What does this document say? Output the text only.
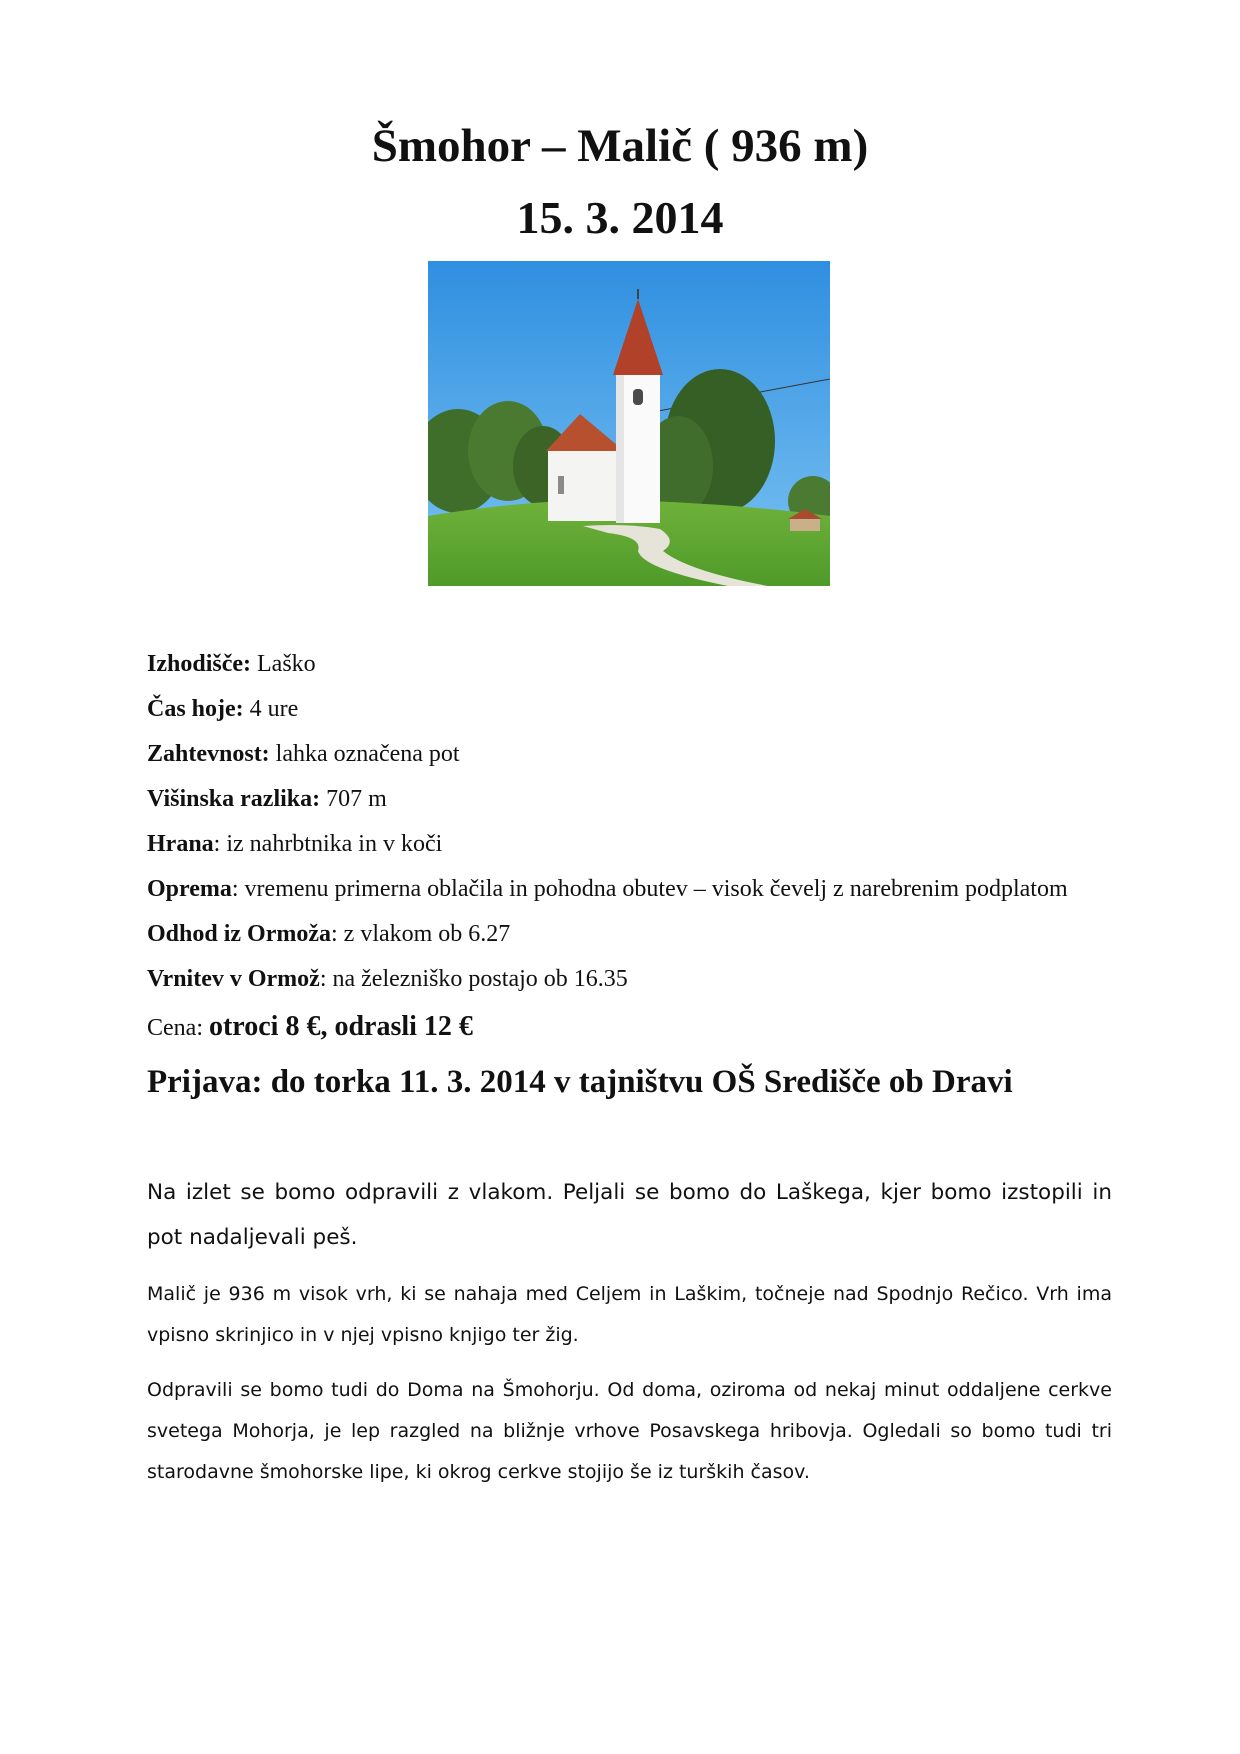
Šmohor – Malič ( 936 m)
15. 3. 2014
Izhodišče: Laško
Čas hoje: 4 ure
Zahtevnost: lahka označena pot
Višinska razlika: 707 m
Hrana: iz nahrbtnika in v koči
Oprema: vremenu primerna oblačila in pohodna obutev – visok čevelj z narebrenim podplatom
Odhod iz Ormoža: z vlakom ob 6.27
Vrnitev v Ormož: na železniško postajo ob 16.35
Cena: otroci 8 €, odrasli 12 €
Prijava: do torka 11. 3. 2014 v tajništvu OŠ Središče ob Dravi

Na izlet se bomo odpravili z vlakom. Peljali se bomo do Laškega, kjer bomo izstopili in pot nadaljevali peš.

Malič je 936 m visok vrh, ki se nahaja med Celjem in Laškim, točneje nad Spodnjo Rečico. Vrh ima vpisno skrinjico in v njej vpisno knjigo ter žig.

Odpravili se bomo tudi do Doma na Šmohorju. Od doma, oziroma od nekaj minut oddaljene cerkve svetega Mohorja, je lep razgled na bližnje vrhove Posavskega hribovja. Ogledali so bomo tudi tri starodavne šmohorske lipe, ki okrog cerkve stojijo še iz turških časov.
